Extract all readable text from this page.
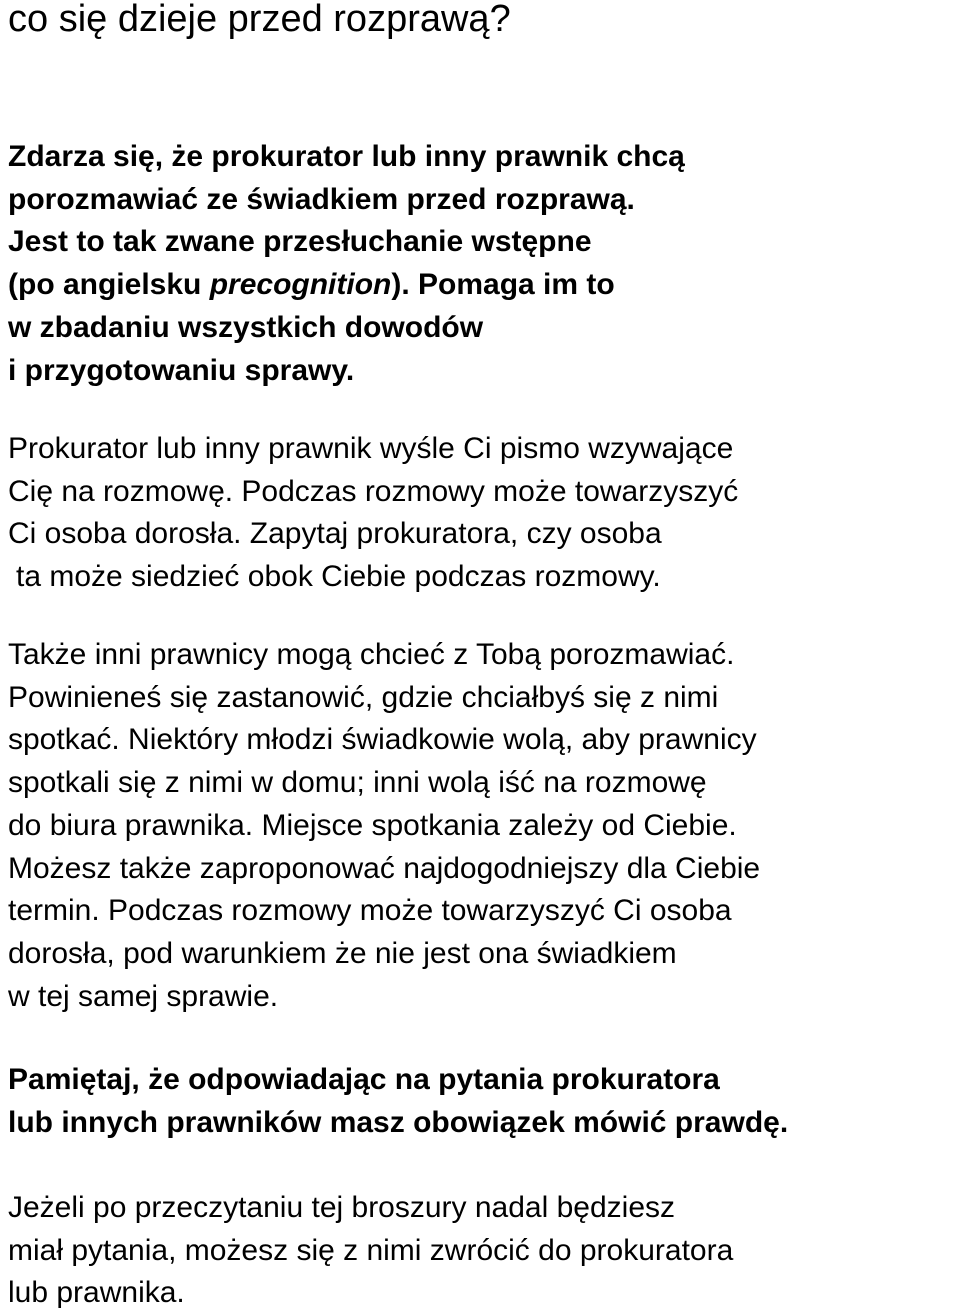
co się dzieje przed rozprawą?

Zdarza się, że prokurator lub inny prawnik chcą
porozmawiać ze świadkiem przed rozprawą.
Jest to tak zwane przesłuchanie wstępne
(po angielsku precognition). Pomaga im to
w zbadaniu wszystkich dowodów
i przygotowaniu sprawy.

Prokurator lub inny prawnik wyśle Ci pismo wzywające
Cię na rozmowę. Podczas rozmowy może towarzyszyć
Ci osoba dorosła. Zapytaj prokuratora, czy osoba
ta może siedzieć obok Ciebie podczas rozmowy.

Także inni prawnicy mogą chcieć z Tobą porozmawiać.
Powinieneś się zastanowić, gdzie chciałbyś się z nimi
spotkać. Niektóry młodzi świadkowie wolą, aby prawnicy
spotkali się z nimi w domu; inni wolą iść na rozmowę
do biura prawnika. Miejsce spotkania zależy od Ciebie.
Możesz także zaproponować najdogodniejszy dla Ciebie
termin. Podczas rozmowy może towarzyszyć Ci osoba
dorosła, pod warunkiem że nie jest ona świadkiem
w tej samej sprawie.

Pamiętaj, że odpowiadając na pytania prokuratora
lub innych prawników masz obowiązek mówić prawdę.

Jeżeli po przeczytaniu tej broszury nadal będziesz
miał pytania, możesz się z nimi zwrócić do prokuratora
lub prawnika.
